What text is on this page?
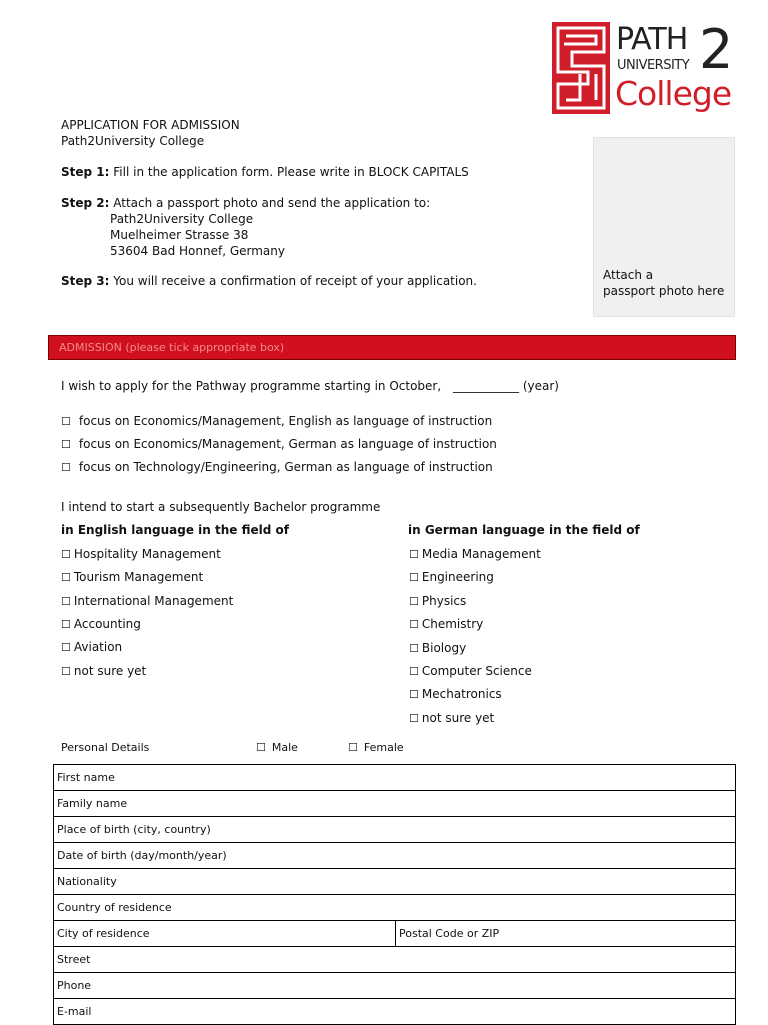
PATH
UNIVERSITY 2
College
APPLICATION FOR ADMISSION
Path2University College
Step 1: Fill in the application form. Please write in BLOCK CAPITALS
Step 2: Attach a passport photo and send the application to:
Path2University College
Muelheimer Strasse 38
53604 Bad Honnef, Germany
Step 3: You will receive a confirmation of receipt of your application.	Attach a
passport photo here
ADMISSION (please tick appropriate box)
I wish to apply for the Pathway programme starting in October, ___________ (year)
☐ focus on Economics/Management, English as language of instruction
☐ focus on Economics/Management, German as language of instruction
☐ focus on Technology/Engineering, German as language of instruction
I intend to start a subsequently Bachelor programme
in English language in the field of	in German language in the field of
☐ Hospitality Management
☐ Tourism Management
☐ International Management
☐ Accounting
☐ Aviation
☐ not sure yet
☐ Media Management
☐ Engineering
☐ Physics
☐ Chemistry
☐ Biology
☐ Computer Science
☐ Mechatronics
☐ not sure yet
Personal Details	☐ Male	☐ Female
First name
Family name
Place of birth (city, country)
Date of birth (day/month/year)
Nationality
Country of residence
City of residence	Postal Code or ZIP
Street
Phone
E-mail
